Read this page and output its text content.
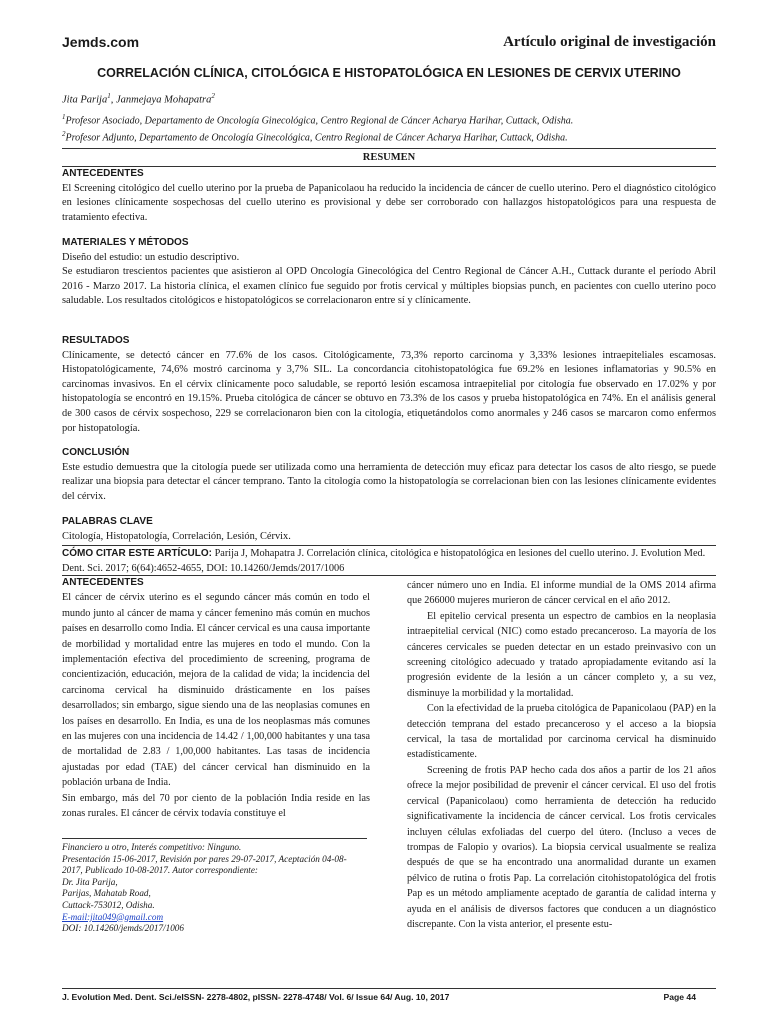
Jemds.com	Artículo original de investigación
CORRELACIÓN CLÍNICA, CITOLÓGICA E HISTOPATOLÓGICA EN LESIONES DE CERVIX UTERINO
Jita Parija$^1$, Janmejaya Mohapatra$^2$
$^1$Profesor Asociado, Departamento de Oncología Ginecológica, Centro Regional de Cáncer Acharya Harihar, Cuttack, Odisha.
$^2$Profesor Adjunto, Departamento de Oncología Ginecológica, Centro Regional de Cáncer Acharya Harihar, Cuttack, Odisha.
RESUMEN
ANTECEDENTES

El Screening citológico del cuello uterino por la prueba de Papanicolaou ha reducido la incidencia de cáncer de cuello uterino. Pero el diagnóstico citológico en lesiones clínicamente sospechosas del cuello uterino es provisional y debe ser corroborado con hallazgos histopatológicos para una respuesta de tratamiento efectiva.

MATERIALES Y MÉTODOS

Diseño del estudio: un estudio descriptivo.

Se estudiaron trescientos pacientes que asistieron al OPD Oncología Ginecológica del Centro Regional de Cáncer A.H., Cuttack durante el período Abril 2016 - Marzo 2017. La historia clínica, el examen clínico fue seguido por frotis cervical y múltiples biopsias punch, en pacientes con cuello uterino poco saludable. Los resultados citológicos e histopatológicos se correlacionaron entre sí y clínicamente.

RESULTADOS

Clínicamente, se detectó cáncer en 77.6% de los casos. Citológicamente, 73,3% reporto carcinoma y 3,33% lesiones intraepiteliales escamosas. Histopatológicamente, 74,6% mostró carcinoma y 3,7% SIL. La concordancia citohistopatológica fue 69.2% en lesiones inflamatorias y 90.5% en carcinomas invasivos. En el cérvix clínicamente poco saludable, se reportó lesión escamosa intraepitelial por citología fue observado en 17.02% y por histopatología se encontró en 19.15%. Prueba citológica de cáncer se obtuvo en 73.3% de los casos y prueba histopatológica en 74%. En el análisis general de 300 casos de cérvix sospechoso, 229 se correlacionaron bien con la citología, etiquetándolos como anormales y 246 casos se marcaron como enfermos por histopatología.

CONCLUSIÓN

Este estudio demuestra que la citología puede ser utilizada como una herramienta de detección muy eficaz para detectar los casos de alto riesgo, se puede realizar una biopsia para detectar el cáncer temprano. Tanto la citología como la histopatología se correlacionan bien con las lesiones clínicamente evidentes del cérvix.

PALABRAS CLAVE

Citología, Histopatología, Correlación, Lesión, Cérvix.

CÓMO CITAR ESTE ARTÍCULO: Parija J, Mohapatra J. Correlación clínica, citológica e histopatológica en lesiones del cuello uterino. J. Evolution Med. Dent. Sci. 2017; 6(64):4652-4655, DOI: 10.14260/Jemds/2017/1006
ANTECEDENTES

El cáncer de cérvix uterino es el segundo cáncer más común en todo el mundo junto al cáncer de mama y cáncer femenino más común en muchos países en desarrollo como India. El cáncer cervical es una causa importante de morbilidad y mortalidad entre las mujeres en todo el mundo. Con la implementación efectiva del procedimiento de screening, programa de concientización, educación, mejora de la calidad de vida; la incidencia del carcinoma cervical ha disminuido drásticamente en los países desarrollados; sin embargo, sigue siendo una de las neoplasias comunes en los países en desarrollo. En India, es una de los neoplasmas más comunes en las mujeres con una incidencia de 14.42 / 1,00,000 habitantes y una tasa de mortalidad de 2.83 / 1,00,000 habitantes. Las tasas de incidencia ajustadas por edad (TAE) del cáncer cervical han disminuido en la población urbana de India.

Sin embargo, más del 70 por ciento de la población India reside en las zonas rurales. El cáncer de cérvix todavía constituye el

cáncer número uno en India. El informe mundial de la OMS 2014 afirma que 266000 mujeres murieron de cáncer cervical en el año 2012.

El epitelio cervical presenta un espectro de cambios en la neoplasia intraepitelial cervical (NIC) como estado precanceroso. La mayoría de los cánceres cervicales se pueden detectar en un estado preinvasivo con un screening citológico adecuado y tratado apropiadamente evitando así la progresión evidente de la lesión a un cáncer completo y, a su vez, disminuye la morbilidad y la mortalidad.

Con la efectividad de la prueba citológica de Papanicolaou (PAP) en la detección temprana del estado precanceroso y el acceso a la biopsia cervical, la tasa de mortalidad por carcinoma cervical ha disminuido estadísticamente.

Screening de frotis PAP hecho cada dos años a partir de los 21 años ofrece la mejor posibilidad de prevenir el cáncer cervical. El uso del frotis cervical (Papanicolaou) como herramienta de detección ha reducido significativamente la incidencia de cáncer cervical. Los frotis cervicales incluyen células exfoliadas del cuerpo del útero. (Incluso a veces de trompas de Falopio y ovarios). La biopsia cervical usualmente se realiza después de que se ha encontrado una anormalidad durante un examen pélvico de rutina o frotis Pap. La correlación citohistopatológica del frotis Pap es un método ampliamente aceptado de garantía de calidad interna y ayuda en el análisis de diversos factores que conducen a un diagnóstico discrepante. Con la vista anterior, el presente estu-

Financiero u otro, Interés competitivo: Ninguno.
Presentación 15-06-2017, Revisión por pares 29-07-2017, Aceptación 04-08-2017, Publicado 10-08-2017. Autor correspondiente:
Dr. Jita Parija,
Parijas, Mahatab Road,
Cuttack-753012, Odisha.
E-mail:jita049@gmail.com
DOI: 10.14260/jemds/2017/1006
J. Evolution Med. Dent. Sci./eISSN- 2278-4802, pISSN- 2278-4748/ Vol. 6/ Issue 64/ Aug. 10, 2017	Page 44
